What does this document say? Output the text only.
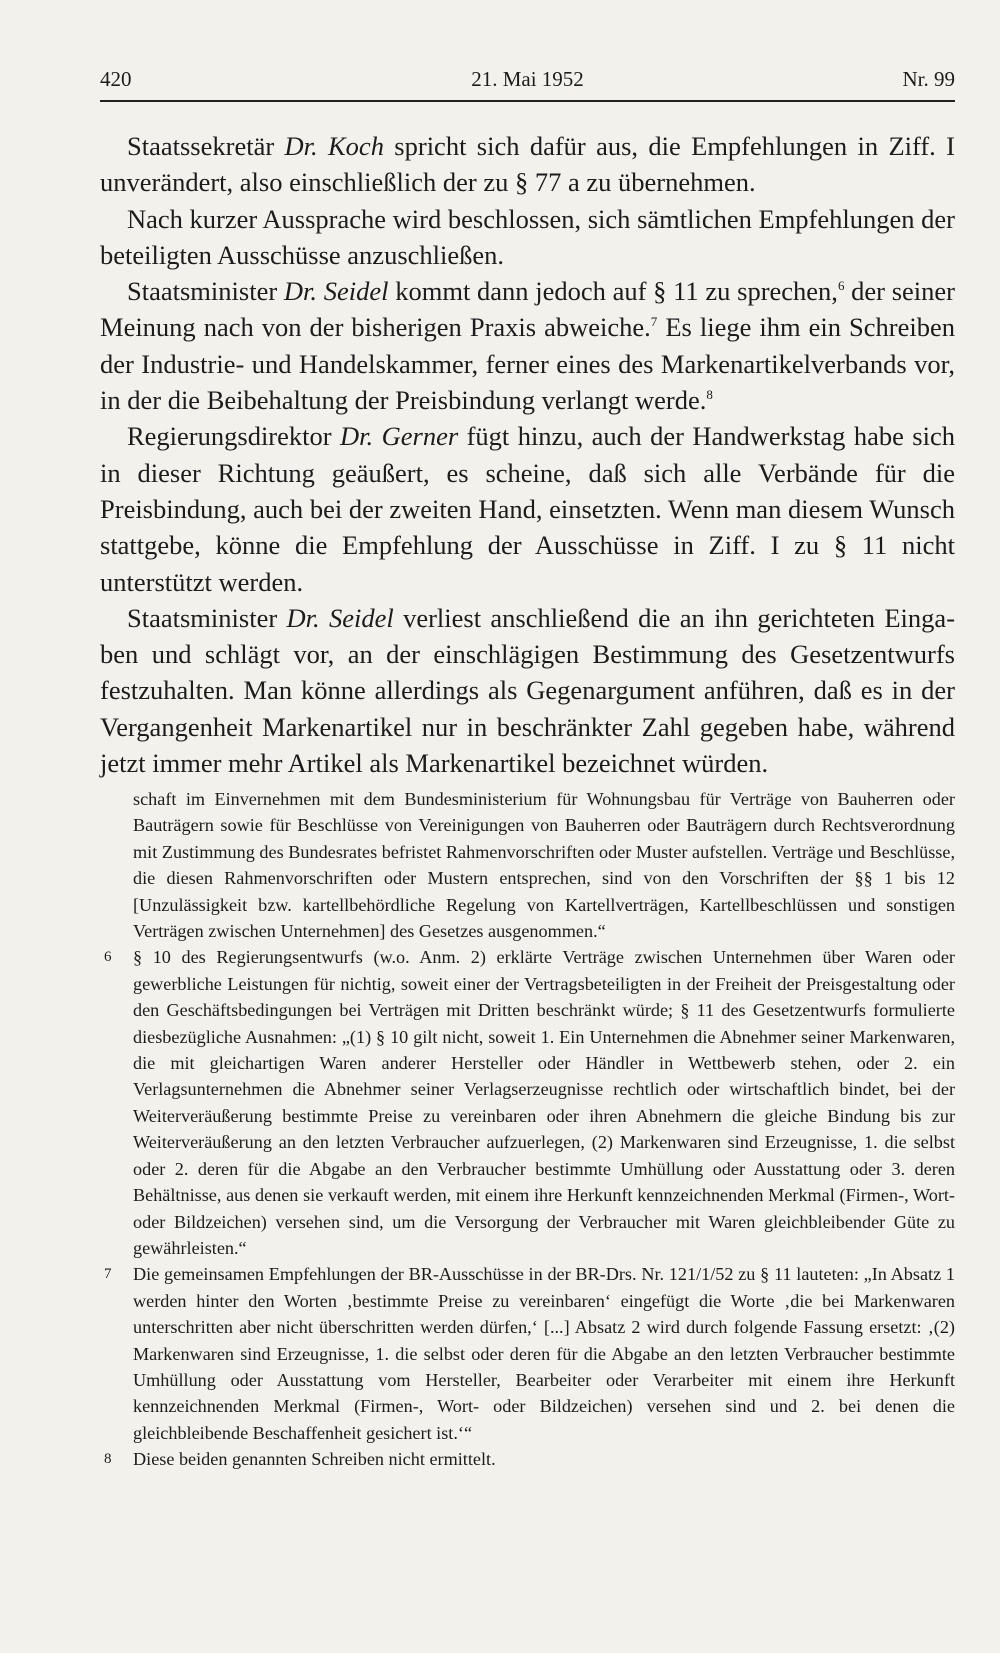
420	21. Mai 1952	Nr. 99

Staatssekretär Dr. Koch spricht sich dafür aus, die Empfehlungen in Ziff. I unverändert, also einschließlich der zu § 77 a zu übernehmen.

Nach kurzer Aussprache wird beschlossen, sich sämtlichen Empfehlungen der beteiligten Ausschüsse anzuschließen.

Staatsminister Dr. Seidel kommt dann jedoch auf § 11 zu sprechen,$^6$ der seiner Meinung nach von der bisherigen Praxis abweiche.$^7$ Es liege ihm ein Schreiben der Industrie- und Handelskammer, ferner eines des Markenartikelverbands vor, in der die Beibehaltung der Preisbindung verlangt werde.$^8$

Regierungsdirektor Dr. Gerner fügt hinzu, auch der Handwerkstag habe sich in dieser Richtung geäußert, es scheine, daß sich alle Verbände für die Preisbindung, auch bei der zweiten Hand, einsetzten. Wenn man diesem Wunsch stattgebe, könne die Empfehlung der Ausschüsse in Ziff. I zu § 11 nicht unterstützt werden.

Staatsminister Dr. Seidel verliest anschließend die an ihn gerichteten Eingaben und schlägt vor, an der einschlägigen Bestimmung des Gesetzentwurfs festzuhalten. Man könne allerdings als Gegenargument anführen, daß es in der Vergangenheit Markenartikel nur in beschränkter Zahl gegeben habe, während jetzt immer mehr Artikel als Markenartikel bezeichnet würden.

schaft im Einvernehmen mit dem Bundesministerium für Wohnungsbau für Verträge von Bauherren oder Bauträgern sowie für Beschlüsse von Vereinigungen von Bauherren oder Bauträgern durch Rechtsverordnung mit Zustimmung des Bundesrates befristet Rahmenvorschriften oder Muster aufstellen. Verträge und Beschlüsse, die diesen Rahmenvorschriften oder Mustern entsprechen, sind von den Vorschriften der §§ 1 bis 12 [Unzulässigkeit bzw. kartellbehördliche Regelung von Kartellverträgen, Kartellbeschlüssen und sonstigen Verträgen zwischen Unternehmen] des Gesetzes ausgenommen.“
6 § 10 des Regierungsentwurfs (w.o. Anm. 2) erklärte Verträge zwischen Unternehmen über Waren oder gewerbliche Leistungen für nichtig, soweit einer der Vertragsbeteiligten in der Freiheit der Preisgestaltung oder den Geschäftsbedingungen bei Verträgen mit Dritten beschränkt würde; § 11 des Gesetzentwurfs formulierte diesbezügliche Ausnahmen: „(1) § 10 gilt nicht, soweit 1. Ein Unternehmen die Abnehmer seiner Markenwaren, die mit gleichartigen Waren anderer Hersteller oder Händler in Wettbewerb stehen, oder 2. ein Verlagsunternehmen die Abnehmer seiner Verlagserzeugnisse rechtlich oder wirtschaftlich bindet, bei der Weiterveräußerung bestimmte Preise zu vereinbaren oder ihren Abnehmern die gleiche Bindung bis zur Weiterveräußerung an den letzten Verbraucher aufzuerlegen, (2) Markenwaren sind Erzeugnisse, 1. die selbst oder 2. deren für die Abgabe an den Verbraucher bestimmte Umhüllung oder Ausstattung oder 3. deren Behältnisse, aus denen sie verkauft werden, mit einem ihre Herkunft kennzeichnenden Merkmal (Firmen-, Wort- oder Bildzeichen) versehen sind, um die Versorgung der Verbraucher mit Waren gleichbleibender Güte zu gewährleisten.“
7 Die gemeinsamen Empfehlungen der BR-Ausschüsse in der BR-Drs. Nr. 121/1/52 zu § 11 lauteten: „In Absatz 1 werden hinter den Worten ‚bestimmte Preise zu vereinbaren‘ eingefügt die Worte ‚die bei Markenwaren unterschritten aber nicht überschritten werden dürfen,‘ [...] Absatz 2 wird durch folgende Fassung ersetzt: ‚(2) Markenwaren sind Erzeugnisse, 1. die selbst oder deren für die Abgabe an den letzten Verbraucher bestimmte Umhüllung oder Ausstattung vom Hersteller, Bearbeiter oder Verarbeiter mit einem ihre Herkunft kennzeichnenden Merkmal (Firmen-, Wort- oder Bildzeichen) versehen sind und 2. bei denen die gleichbleibende Beschaffenheit gesichert ist.‘“
8 Diese beiden genannten Schreiben nicht ermittelt.
